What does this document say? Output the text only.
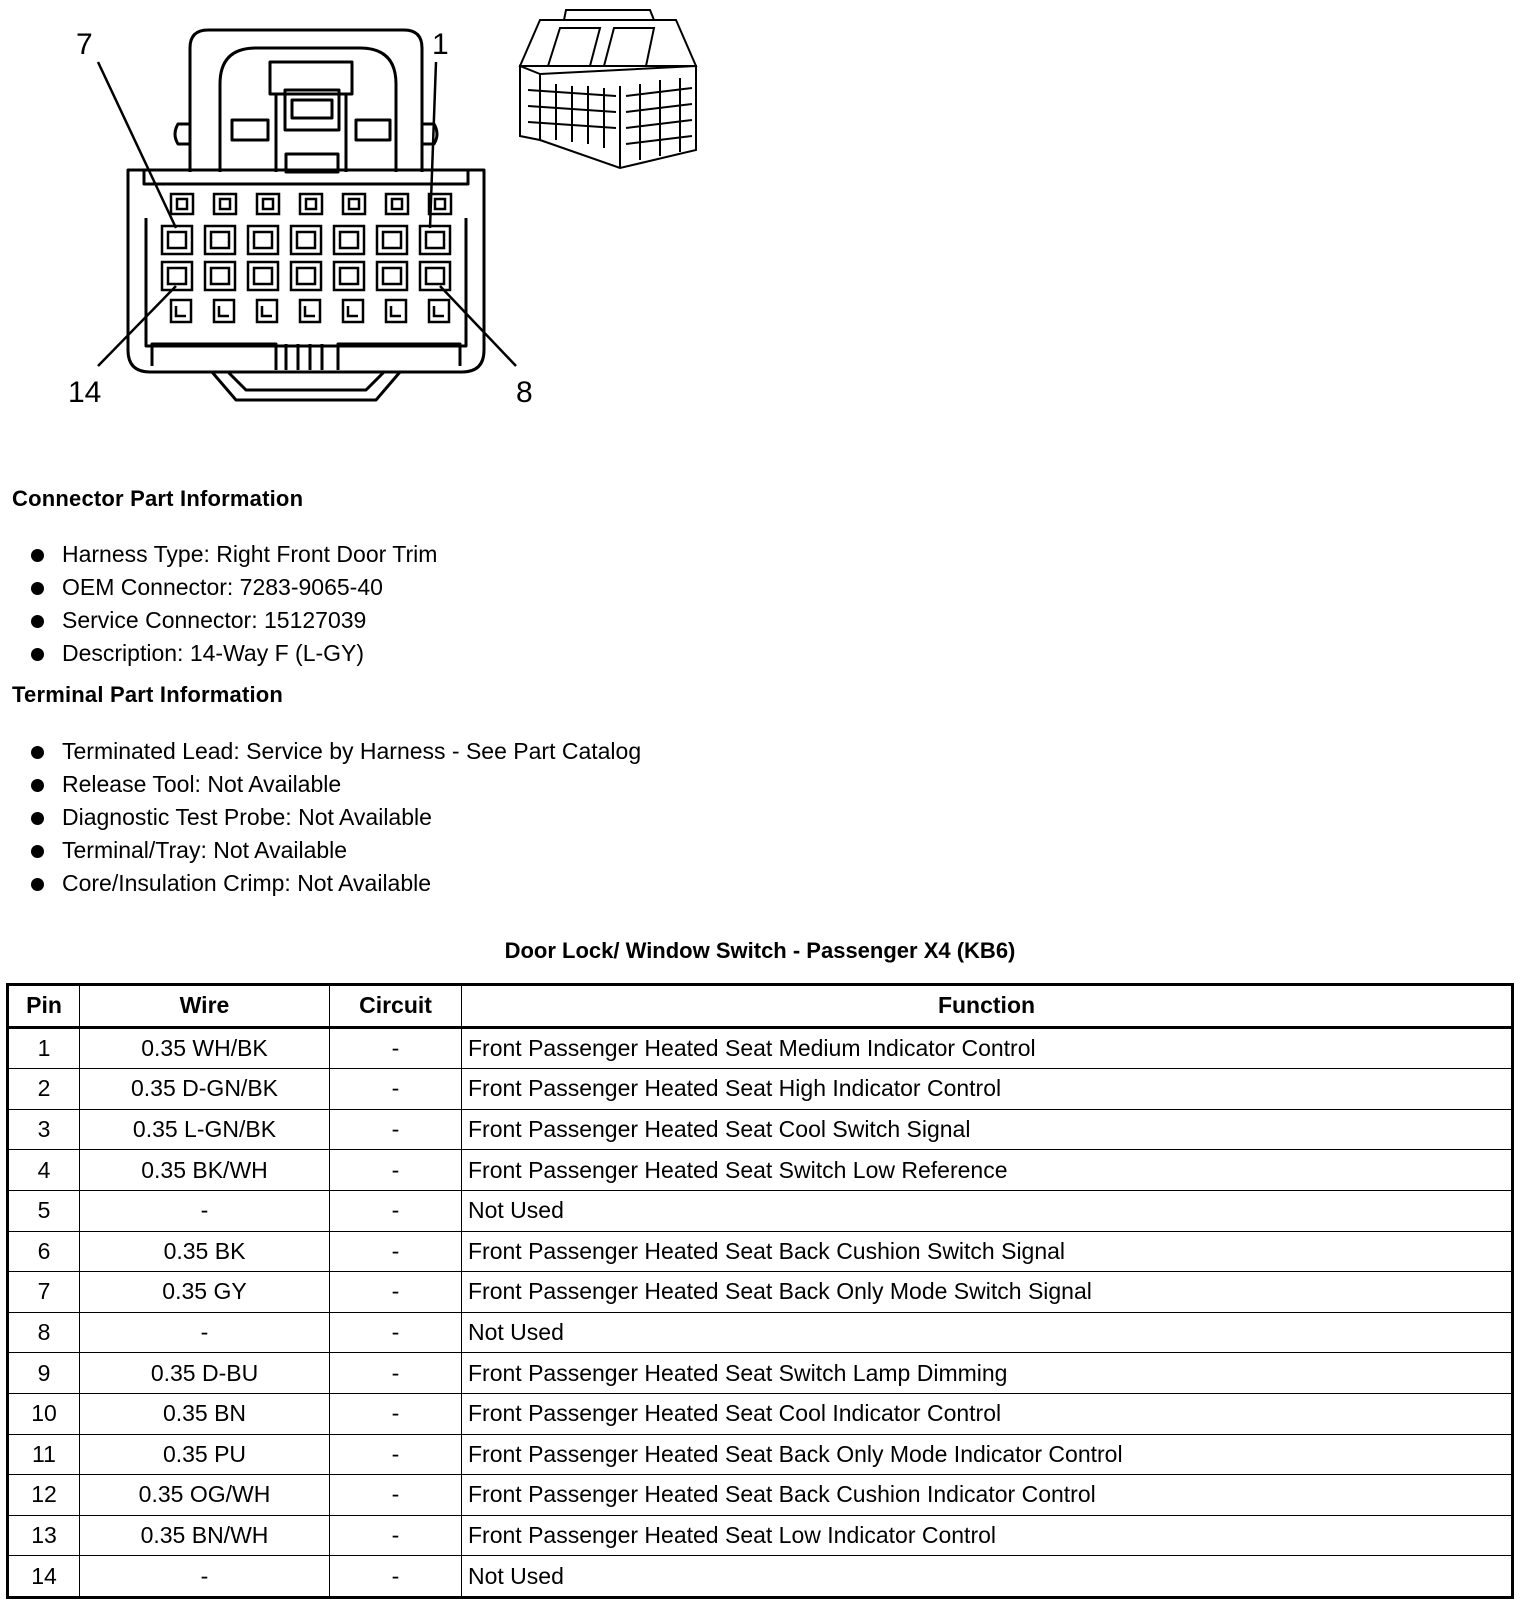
7	1
14	8
Connector Part Information
Harness Type: Right Front Door Trim
OEM Connector: 7283-9065-40
Service Connector: 15127039
Description: 14-Way F (L-GY)
Terminal Part Information
Terminated Lead: Service by Harness - See Part Catalog
Release Tool: Not Available
Diagnostic Test Probe: Not Available
Terminal/Tray: Not Available
Core/Insulation Crimp: Not Available
Door Lock/ Window Switch - Passenger X4 (KB6)
Pin	Wire	Circuit	Function
1	0.35 WH/BK	-	Front Passenger Heated Seat Medium Indicator Control
2	0.35 D-GN/BK	-	Front Passenger Heated Seat High Indicator Control
3	0.35 L-GN/BK	-	Front Passenger Heated Seat Cool Switch Signal
4	0.35 BK/WH	-	Front Passenger Heated Seat Switch Low Reference
5	-	-	Not Used
6	0.35 BK	-	Front Passenger Heated Seat Back Cushion Switch Signal
7	0.35 GY	-	Front Passenger Heated Seat Back Only Mode Switch Signal
8	-	-	Not Used
9	0.35 D-BU	-	Front Passenger Heated Seat Switch Lamp Dimming
10	0.35 BN	-	Front Passenger Heated Seat Cool Indicator Control
11	0.35 PU	-	Front Passenger Heated Seat Back Only Mode Indicator Control
12	0.35 OG/WH	-	Front Passenger Heated Seat Back Cushion Indicator Control
13	0.35 BN/WH	-	Front Passenger Heated Seat Low Indicator Control
14	-	-	Not Used
